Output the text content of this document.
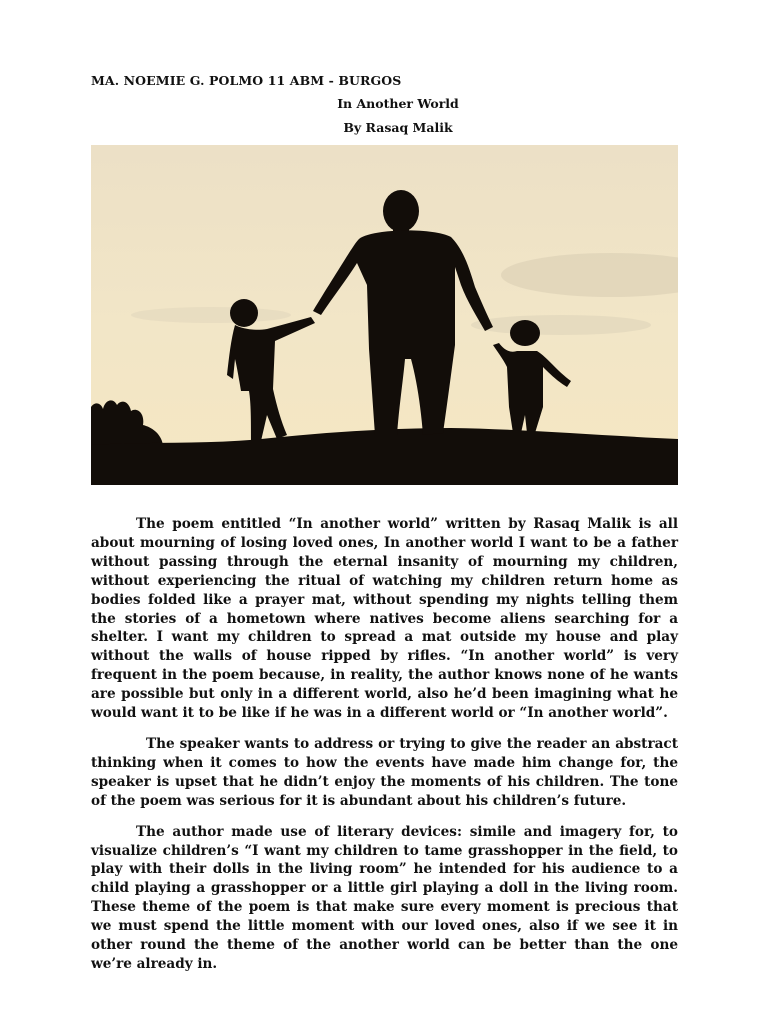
MA. NOEMIE G. POLMO 11 ABM - BURGOS
In Another World
By Rasaq Malik

The poem entitled “In another world” written by Rasaq Malik is all about mourning of losing loved ones, In another world I want to be a father without passing through the eternal insanity of mourning my children, without experiencing the ritual of watching my children return home as bodies folded like a prayer mat, without spending my nights telling them the stories of a hometown where natives become aliens searching for a shelter. I want my children to spread a mat outside my house and play without the walls of house ripped by rifles. “In another world” is very frequent in the poem because, in reality, the author knows none of he wants are possible but only in a different world, also he’d been imagining what he would want it to be like if he was in a different world or “In another world”.

The speaker wants to address or trying to give the reader an abstract thinking when it comes to how the events have made him change for, the speaker is upset that he didn’t enjoy the moments of his children. The tone of the poem was serious for it is abundant about his children’s future.

The author made use of literary devices: simile and imagery for, to visualize children’s “I want my children to tame grasshopper in the field, to play with their dolls in the living room” he intended for his audience to a child playing a grasshopper or a little girl playing a doll in the living room. These theme of the poem is that make sure every moment is precious that we must spend the little moment with our loved ones, also if we see it in other round the theme of the another world can be better than the one we’re already in.
